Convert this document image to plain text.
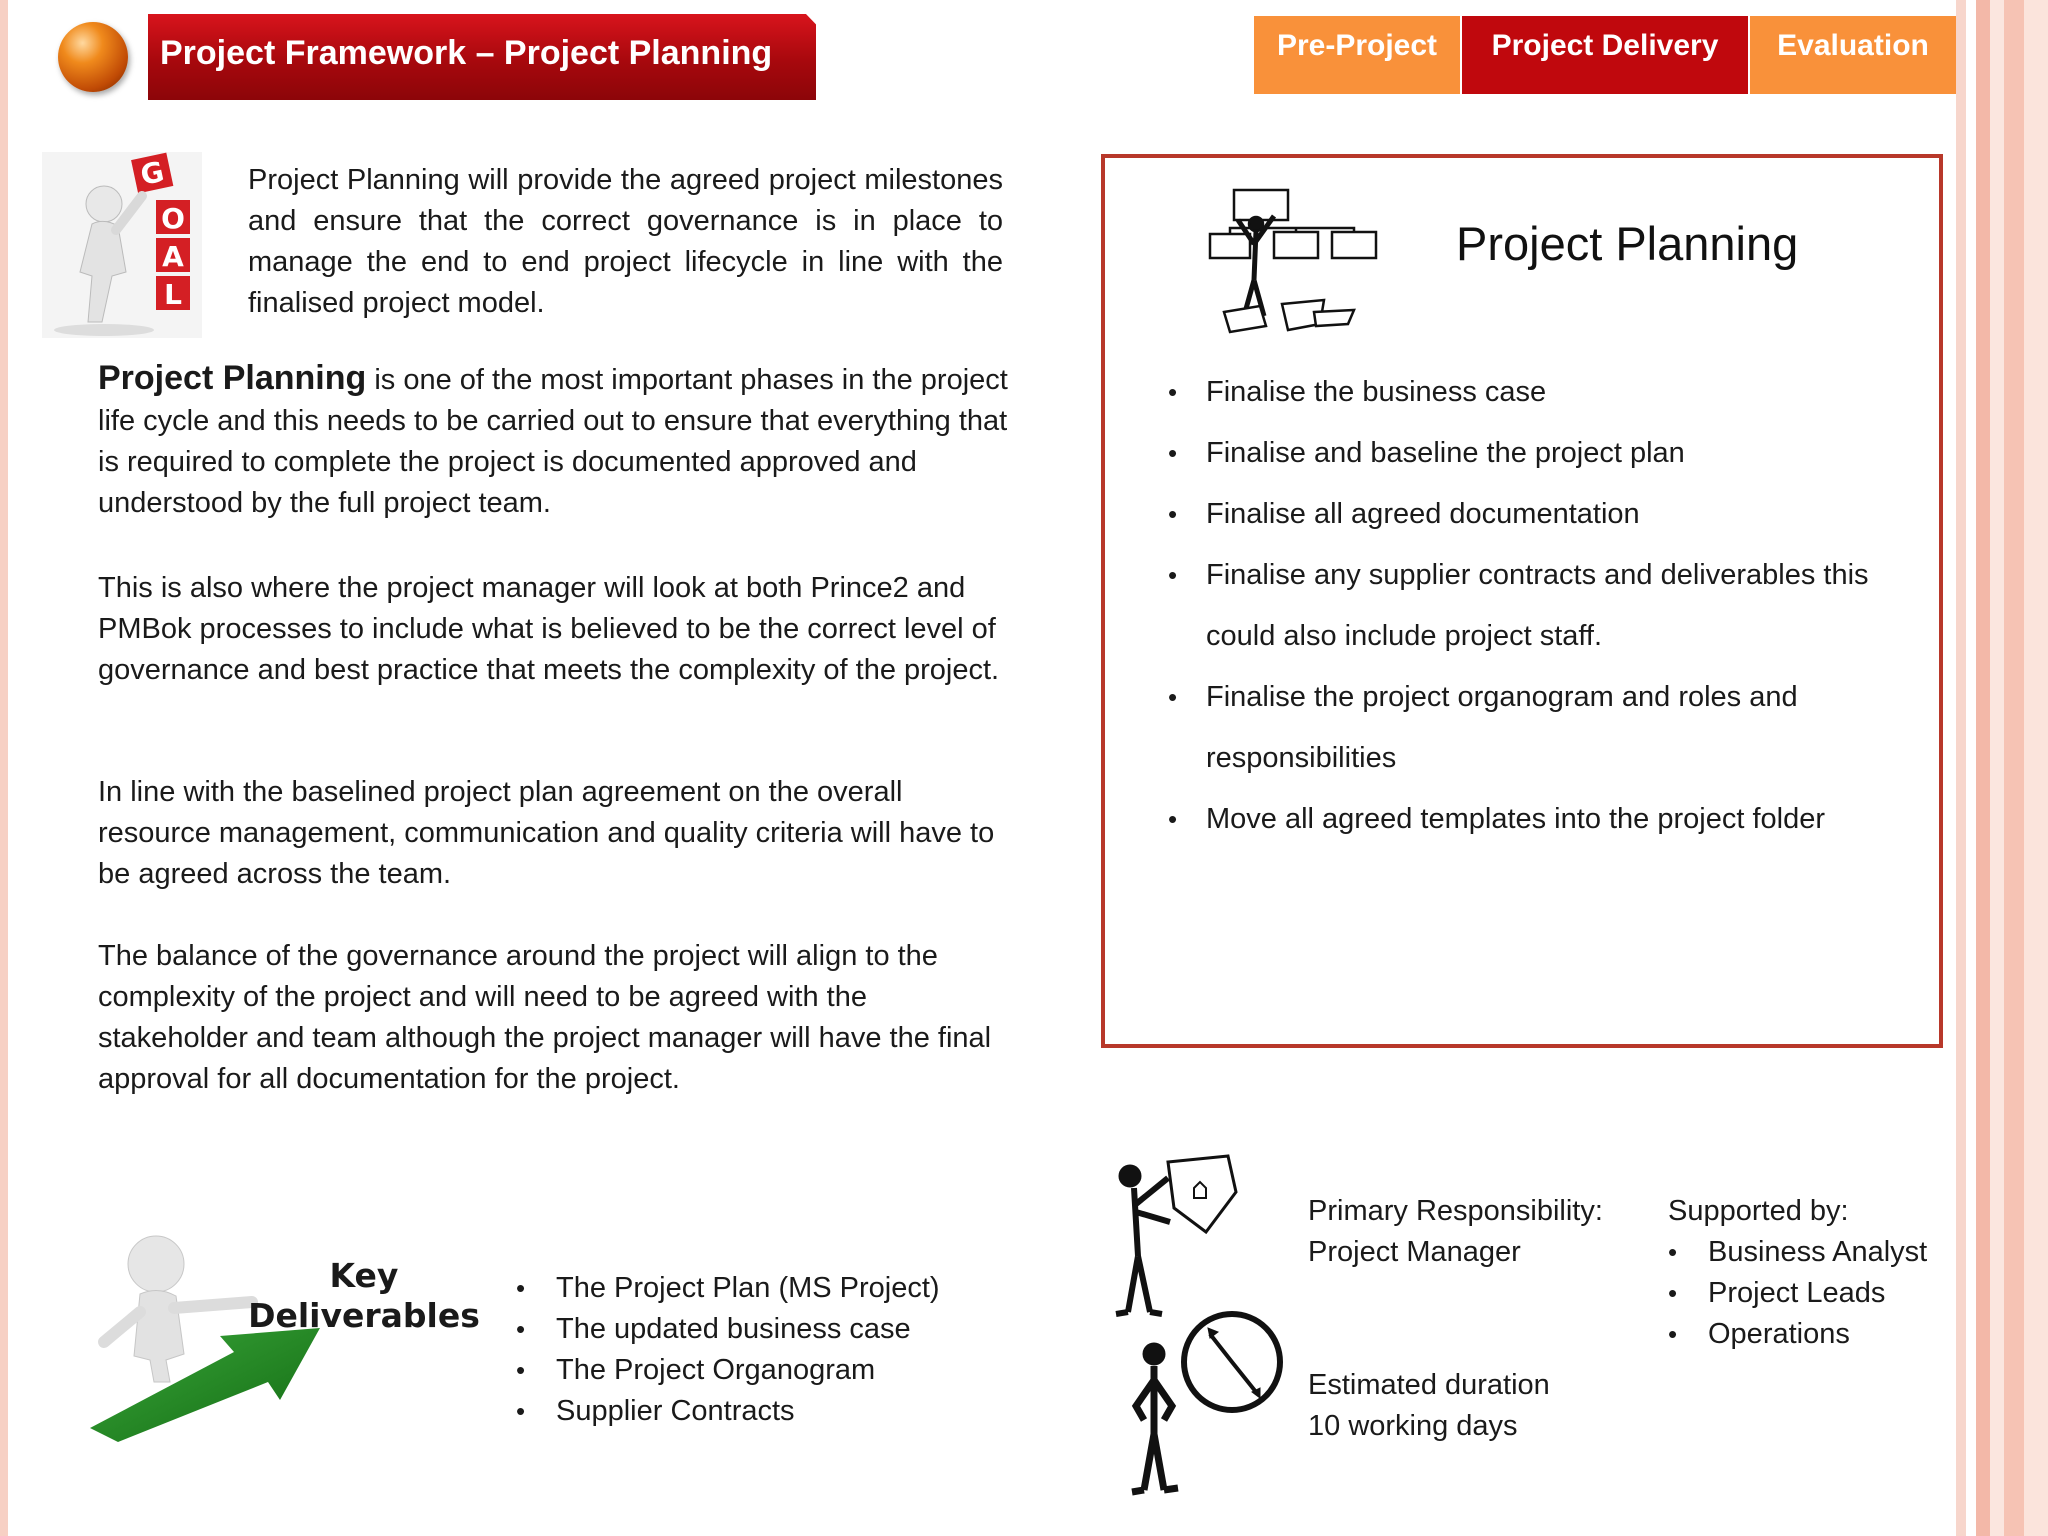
Project Framework – Project Planning	Pre-Project	Project Delivery	Evaluation
G
O
A
L
Project Planning will provide the agreed project milestones and ensure that the correct governance is in place to manage the end to end project lifecycle in line with the finalised project model.
Project Planning is one of the most important phases in the project life cycle and this needs to be carried out to ensure that everything that is required to complete the project is documented approved and understood by the full project team.
This is also where the project manager will look at both Prince2 and PMBok processes to include what is believed to be the correct level of governance and best practice that meets the complexity of the project.
In line with the baselined project plan agreement on the overall resource management, communication and quality criteria will have to be agreed across the team.
The balance of the governance around the project will align to the complexity of the project and will need to be agreed with the stakeholder and team although the project manager will have the final approval for all documentation for the project.
Project Planning
• Finalise the business case
• Finalise and baseline the project plan
• Finalise all agreed documentation
• Finalise any supplier contracts and deliverables this could also include project staff.
• Finalise the project organogram and roles and responsibilities
• Move all agreed templates into the project folder
Key
Deliverables
• The Project Plan (MS Project)
• The updated business case
• The Project Organogram
• Supplier Contracts
Primary Responsibility:
Project Manager
Estimated duration
10 working days
Supported by:
• Business Analyst
• Project Leads
• Operations
